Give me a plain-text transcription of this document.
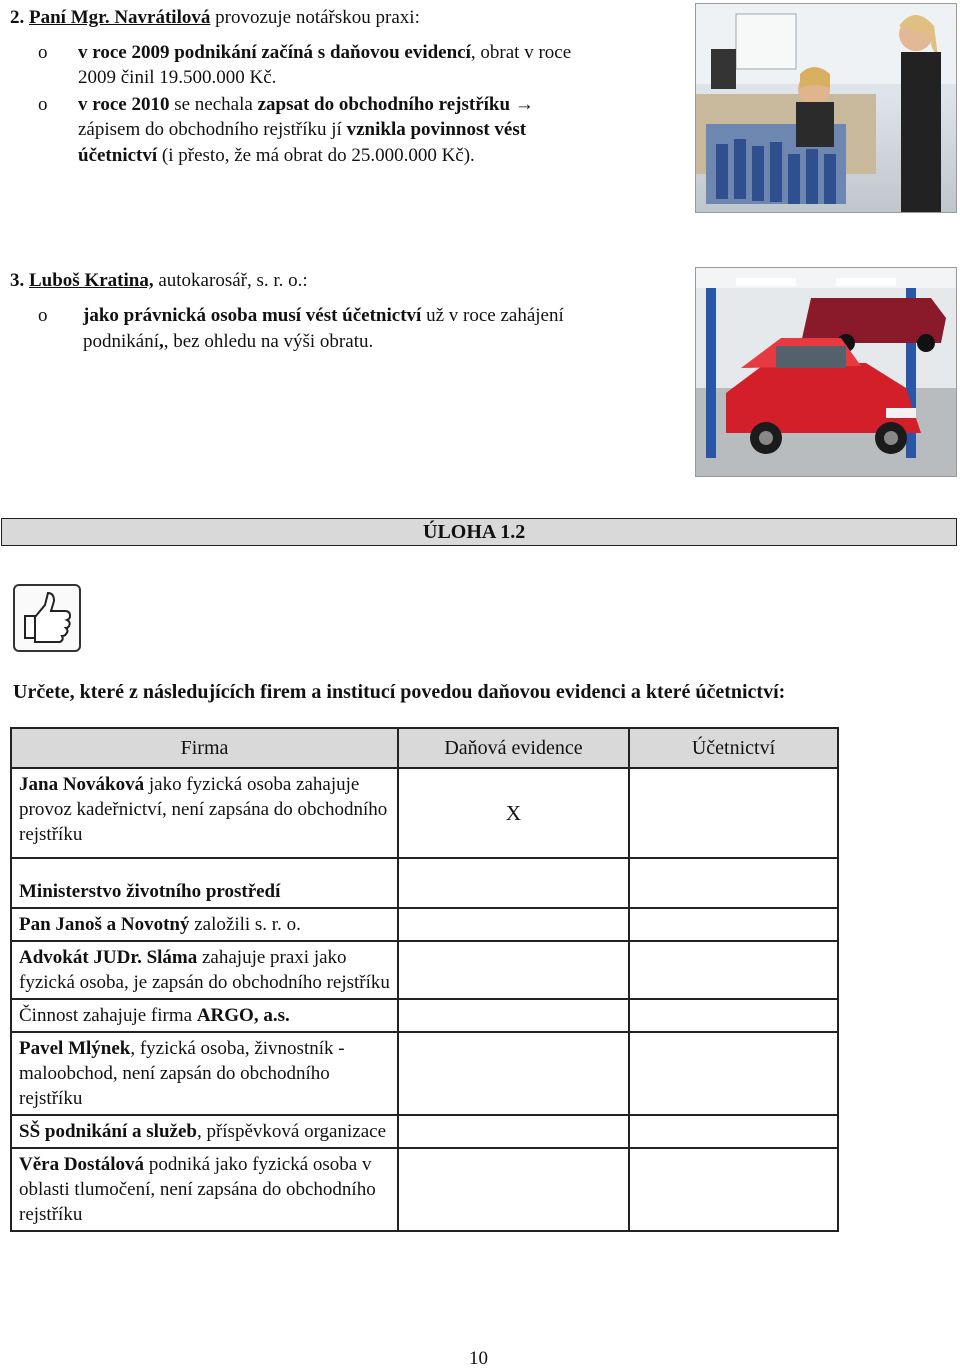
2. Paní Mgr. Navrátilová provozuje notářskou praxi:
o v roce 2009 podnikání začíná s daňovou evidencí, obrat v roce
2009 činil 19.500.000 Kč.
o v roce 2010 se nechala zapsat do obchodního rejstříku →
zápisem do obchodního rejstříku jí vznikla povinnost vést
účetnictví (i přesto, že má obrat do 25.000.000 Kč).
3. Luboš Kratina, autokarosář, s. r. o.:
o jako právnická osoba musí vést účetnictví už v roce zahájení
podnikání,, bez ohledu na výši obratu.
ÚLOHA 1.2
Určete, které z následujících firem a institucí povedou daňovou evidenci a které účetnictví:
Firma	Daňová evidence	Účetnictví
Jana Nováková jako fyzická osoba zahajuje provoz kadeřnictví, není zapsána do obchodního rejstříku	X	
Ministerstvo životního prostředí		
Pan Janoš a Novotný založili s. r. o.		
Advokát JUDr. Sláma zahajuje praxi jako fyzická osoba, je zapsán do obchodního rejstříku		
Činnost zahajuje firma ARGO, a.s.		
Pavel Mlýnek, fyzická osoba, živnostník - maloobchod, není zapsán do obchodního rejstříku		
SŠ podnikání a služeb, příspěvková organizace		
Věra Dostálová podniká jako fyzická osoba v oblasti tlumočení, není zapsána do obchodního rejstříku		
10
